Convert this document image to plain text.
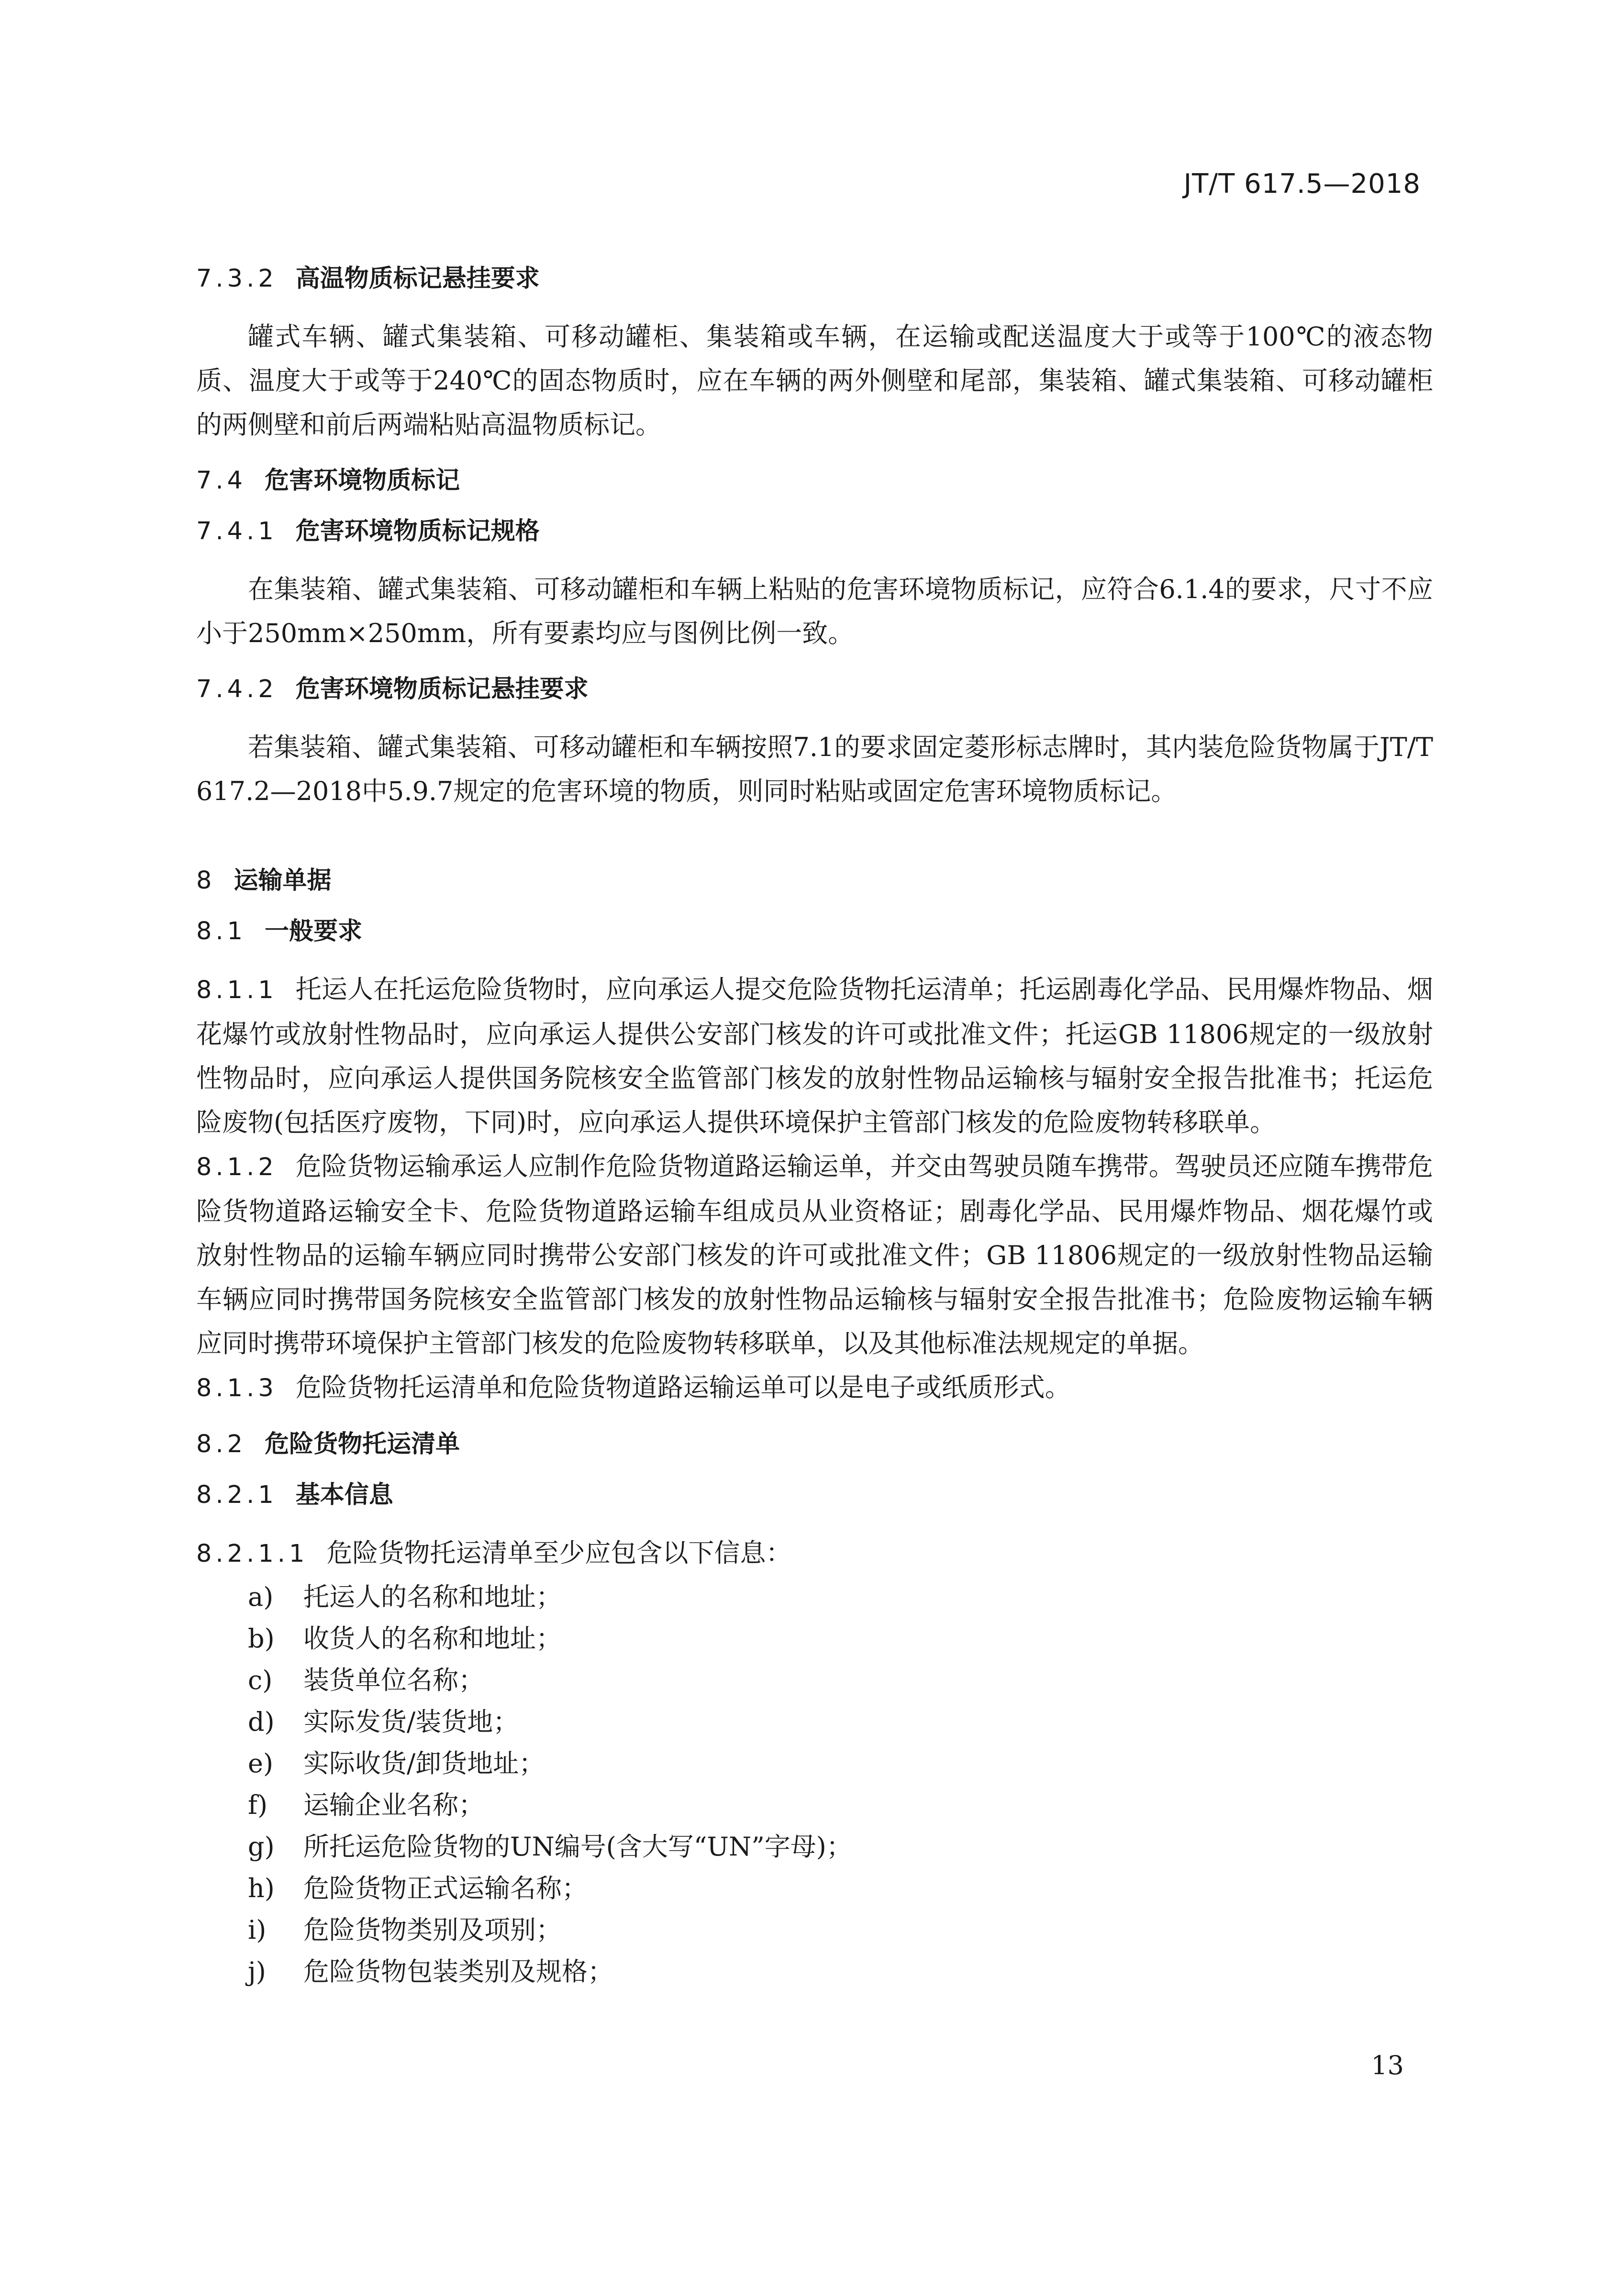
JT/T 617.5—2018
7.3.2 高温物质标记悬挂要求
罐式车辆、罐式集装箱、可移动罐柜、集装箱或车辆，在运输或配送温度大于或等于100℃的液态物质、温度大于或等于240℃的固态物质时，应在车辆的两外侧壁和尾部，集装箱、罐式集装箱、可移动罐柜的两侧壁和前后两端粘贴高温物质标记。
7.4 危害环境物质标记
7.4.1 危害环境物质标记规格
在集装箱、罐式集装箱、可移动罐柜和车辆上粘贴的危害环境物质标记，应符合6.1.4的要求，尺寸不应小于250mm×250mm，所有要素均应与图例比例一致。
7.4.2 危害环境物质标记悬挂要求
若集装箱、罐式集装箱、可移动罐柜和车辆按照7.1的要求固定菱形标志牌时，其内装危险货物属于JT/T 617.2—2018中5.9.7规定的危害环境的物质，则同时粘贴或固定危害环境物质标记。
8 运输单据
8.1 一般要求
8.1.1 托运人在托运危险货物时，应向承运人提交危险货物托运清单；托运剧毒化学品、民用爆炸物品、烟花爆竹或放射性物品时，应向承运人提供公安部门核发的许可或批准文件；托运GB 11806规定的一级放射性物品时，应向承运人提供国务院核安全监管部门核发的放射性物品运输核与辐射安全报告批准书；托运危险废物(包括医疗废物，下同)时，应向承运人提供环境保护主管部门核发的危险废物转移联单。
8.1.2 危险货物运输承运人应制作危险货物道路运输运单，并交由驾驶员随车携带。驾驶员还应随车携带危险货物道路运输安全卡、危险货物道路运输车组成员从业资格证；剧毒化学品、民用爆炸物品、烟花爆竹或放射性物品的运输车辆应同时携带公安部门核发的许可或批准文件；GB 11806规定的一级放射性物品运输车辆应同时携带国务院核安全监管部门核发的放射性物品运输核与辐射安全报告批准书；危险废物运输车辆应同时携带环境保护主管部门核发的危险废物转移联单，以及其他标准法规规定的单据。
8.1.3 危险货物托运清单和危险货物道路运输运单可以是电子或纸质形式。
8.2 危险货物托运清单
8.2.1 基本信息
8.2.1.1 危险货物托运清单至少应包含以下信息：
a) 托运人的名称和地址；
b) 收货人的名称和地址；
c) 装货单位名称；
d) 实际发货/装货地；
e) 实际收货/卸货地址；
f) 运输企业名称；
g) 所托运危险货物的UN编号(含大写“UN”字母)；
h) 危险货物正式运输名称；
i) 危险货物类别及项别；
j) 危险货物包装类别及规格；
13
